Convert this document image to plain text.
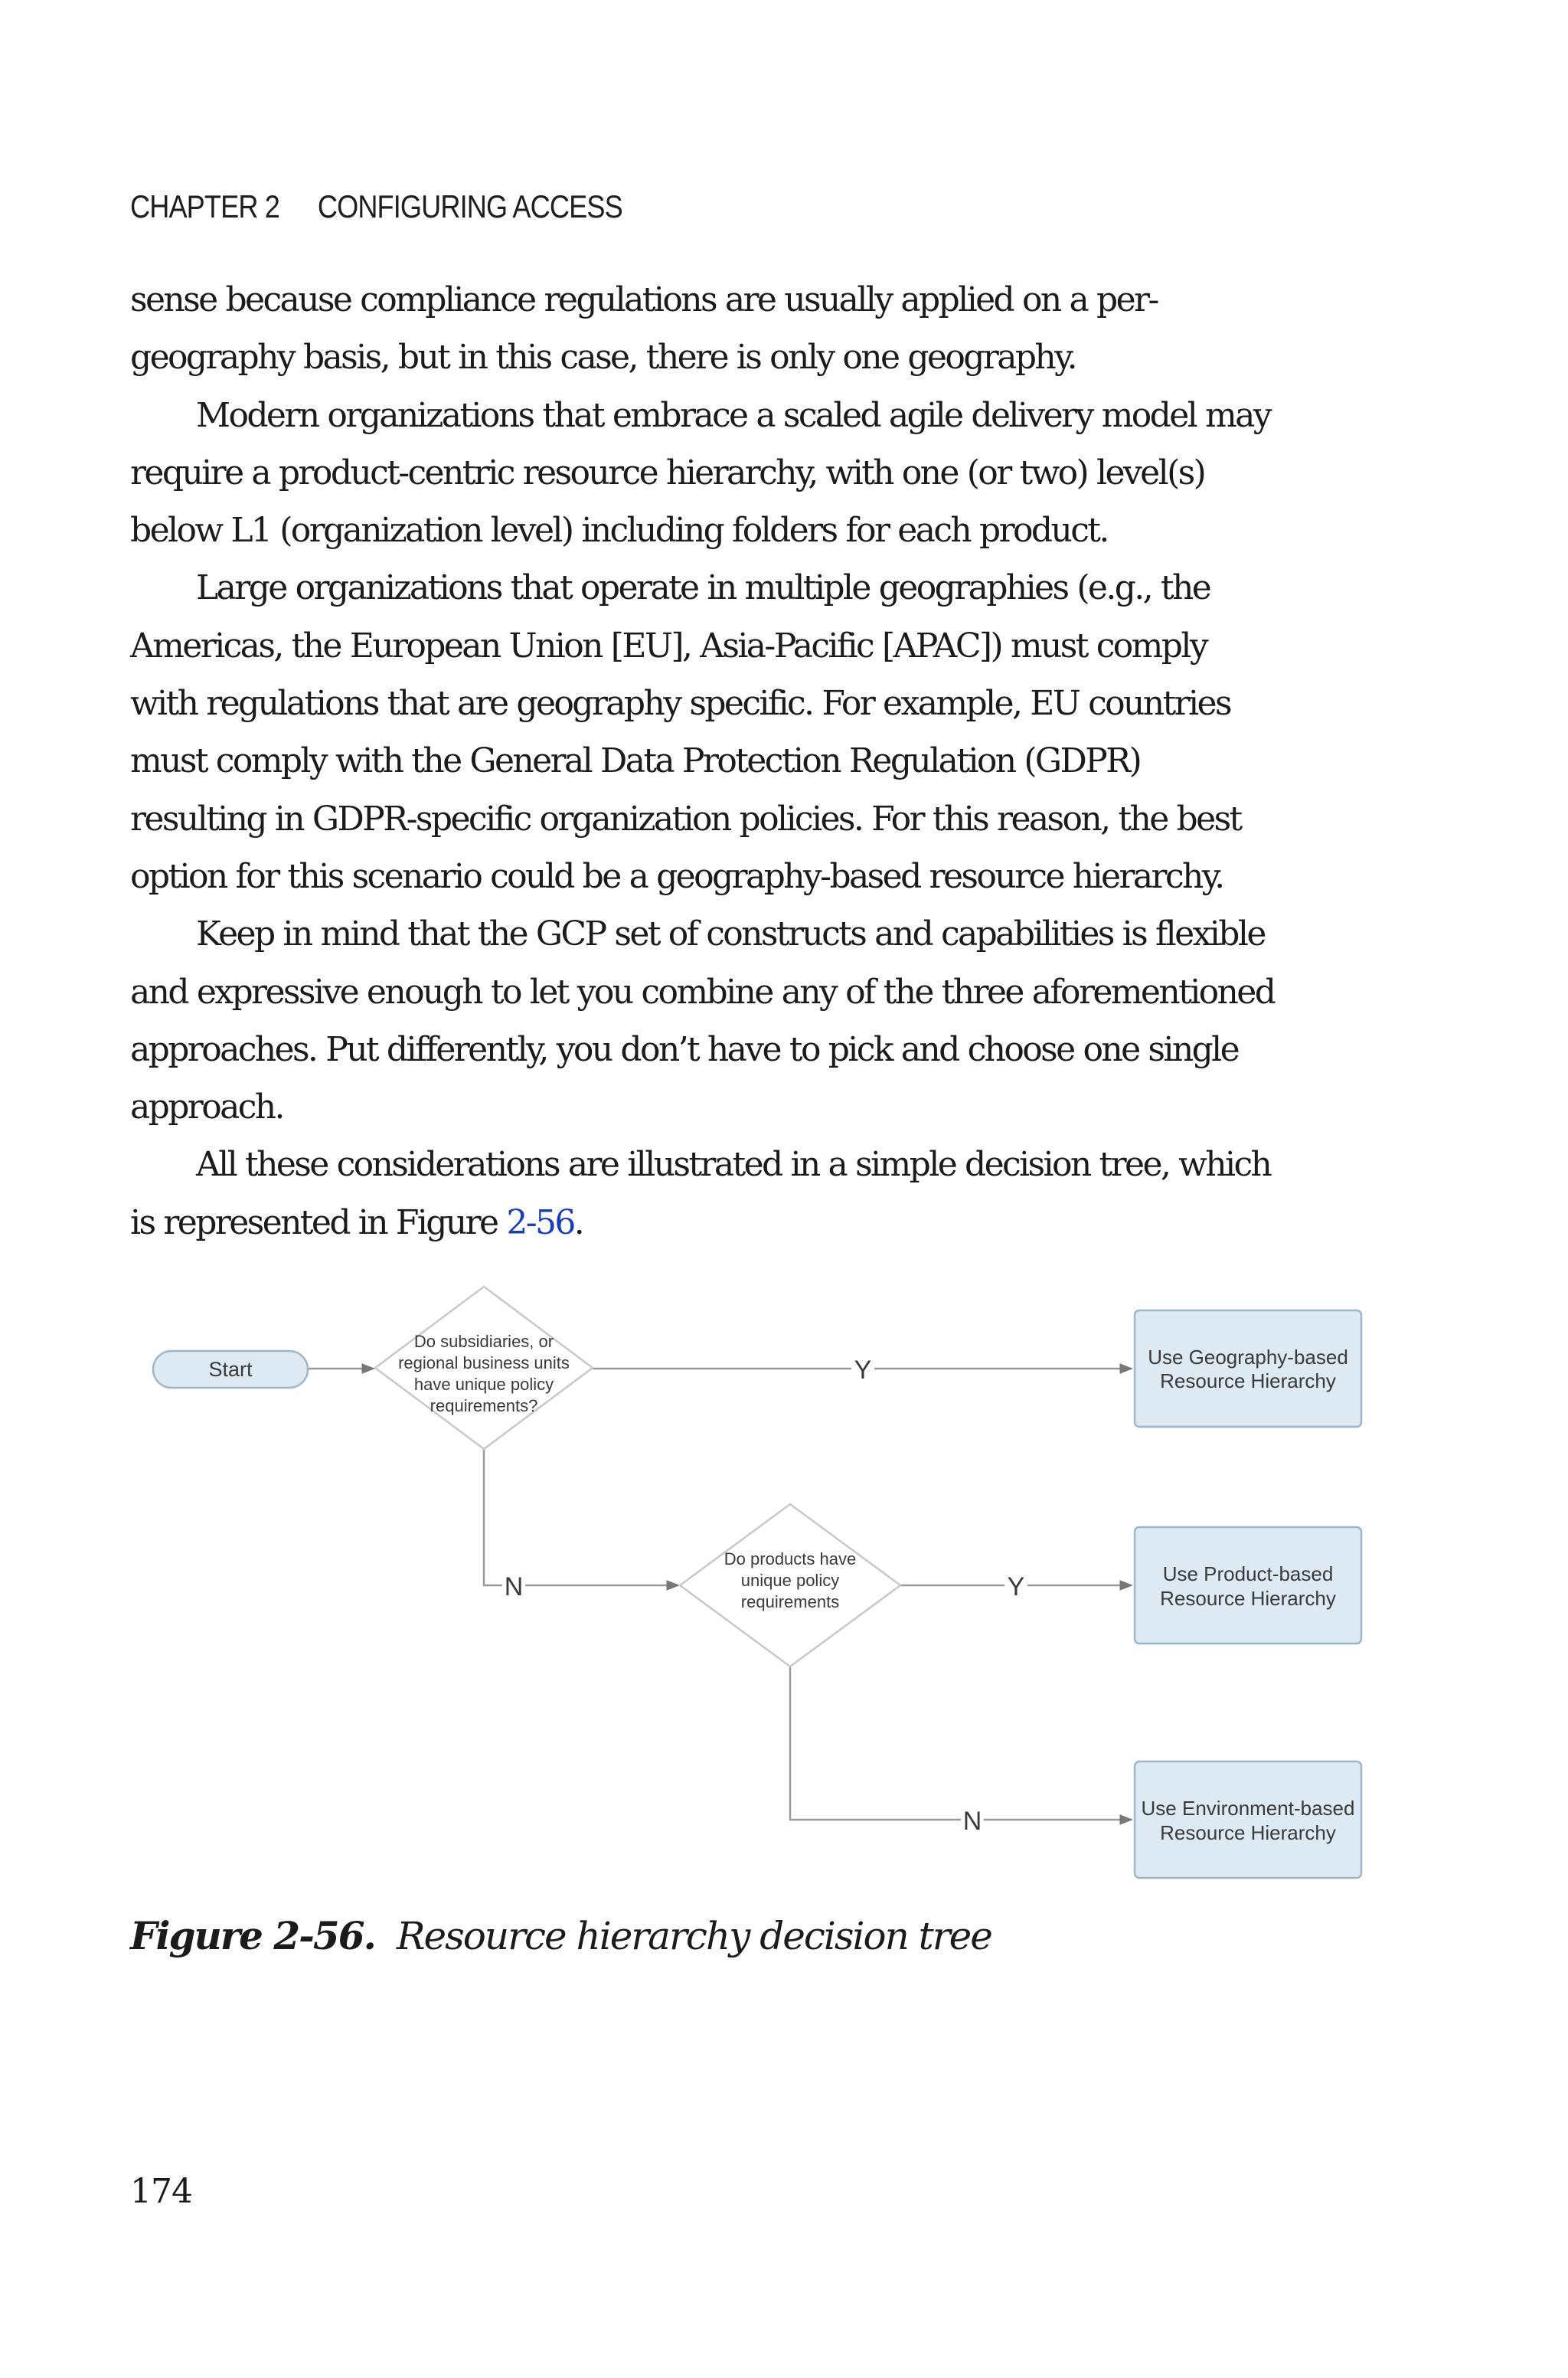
CHAPTER 2 CONFIGURING ACCESS

sense because compliance regulations are usually applied on a per-
geography basis, but in this case, there is only one geography.

Modern organizations that embrace a scaled agile delivery model may
require a product-centric resource hierarchy, with one (or two) level(s)
below L1 (organization level) including folders for each product.

Large organizations that operate in multiple geographies (e.g., the
Americas, the European Union [EU], Asia-Pacific [APAC]) must comply
with regulations that are geography specific. For example, EU countries
must comply with the General Data Protection Regulation (GDPR)
resulting in GDPR-specific organization policies. For this reason, the best
option for this scenario could be a geography-based resource hierarchy.

Keep in mind that the GCP set of constructs and capabilities is flexible
and expressive enough to let you combine any of the three aforementioned
approaches. Put differently, you don’t have to pick and choose one single
approach.

All these considerations are illustrated in a simple decision tree, which
is represented in Figure 2-56.

Y
N	Y
N
Start
Do subsidiaries, or
regional business units
have unique policy
requirements?
Do products have
unique policy
requirements
Use Geography-based
Resource Hierarchy
Use Product-based
Resource Hierarchy
Use Environment-based
Resource Hierarchy
Figure 2-56. Resource hierarchy decision tree
174
